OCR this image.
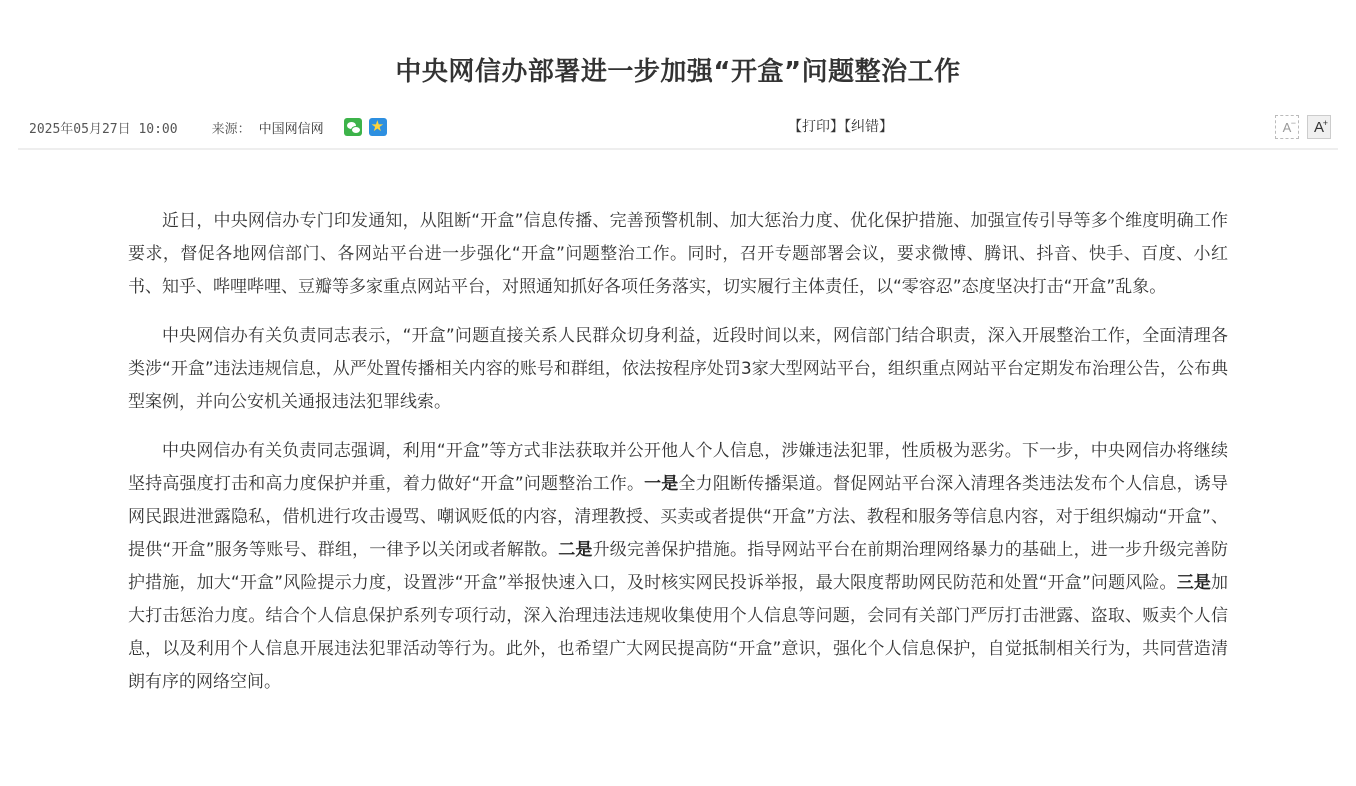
中央网信办部署进一步加强“开盒”问题整治工作
2025年05月27日 10:00	来源： 中国网信网
★	【打印】【纠错】	A− A
+

近日，中央网信办专门印发通知，从阻断“开盒”信息传播、完善预警机制、加大惩治力度、优化保护措施、加强宣传引导等多个维度明确工作要求，督促各地网信部门、各网站平台进一步强化“开盒”问题整治工作。同时，召开专题部署会议，要求微博、腾讯、抖音、快手、百度、小红书、知乎、哔哩哔哩、豆瓣等多家重点网站平台，对照通知抓好各项任务落实，切实履行主体责任，以“零容忍”态度坚决打击“开盒”乱象。

中央网信办有关负责同志表示，“开盒”问题直接关系人民群众切身利益，近段时间以来，网信部门结合职责，深入开展整治工作，全面清理各类涉“开盒”违法违规信息，从严处置传播相关内容的账号和群组，依法按程序处罚3家大型网站平台，组织重点网站平台定期发布治理公告，公布典型案例，并向公安机关通报违法犯罪线索。

中央网信办有关负责同志强调，利用“开盒”等方式非法获取并公开他人个人信息，涉嫌违法犯罪，性质极为恶劣。下一步，中央网信办将继续坚持高强度打击和高力度保护并重，着力做好“开盒”问题整治工作。一是全力阻断传播渠道。督促网站平台深入清理各类违法发布个人信息，诱导网民跟进泄露隐私，借机进行攻击谩骂、嘲讽贬低的内容，清理教授、买卖或者提供“开盒”方法、教程和服务等信息内容，对于组织煽动“开盒”、提供“开盒”服务等账号、群组，一律予以关闭或者解散。二是升级完善保护措施。指导网站平台在前期治理网络暴力的基础上，进一步升级完善防护措施，加大“开盒”风险提示力度，设置涉“开盒”举报快速入口，及时核实网民投诉举报，最大限度帮助网民防范和处置“开盒”问题风险。三是加大打击惩治力度。结合个人信息保护系列专项行动，深入治理违法违规收集使用个人信息等问题，会同有关部门严厉打击泄露、盗取、贩卖个人信息，以及利用个人信息开展违法犯罪活动等行为。此外，也希望广大网民提高防“开盒”意识，强化个人信息保护，自觉抵制相关行为，共同营造清朗有序的网络空间。
